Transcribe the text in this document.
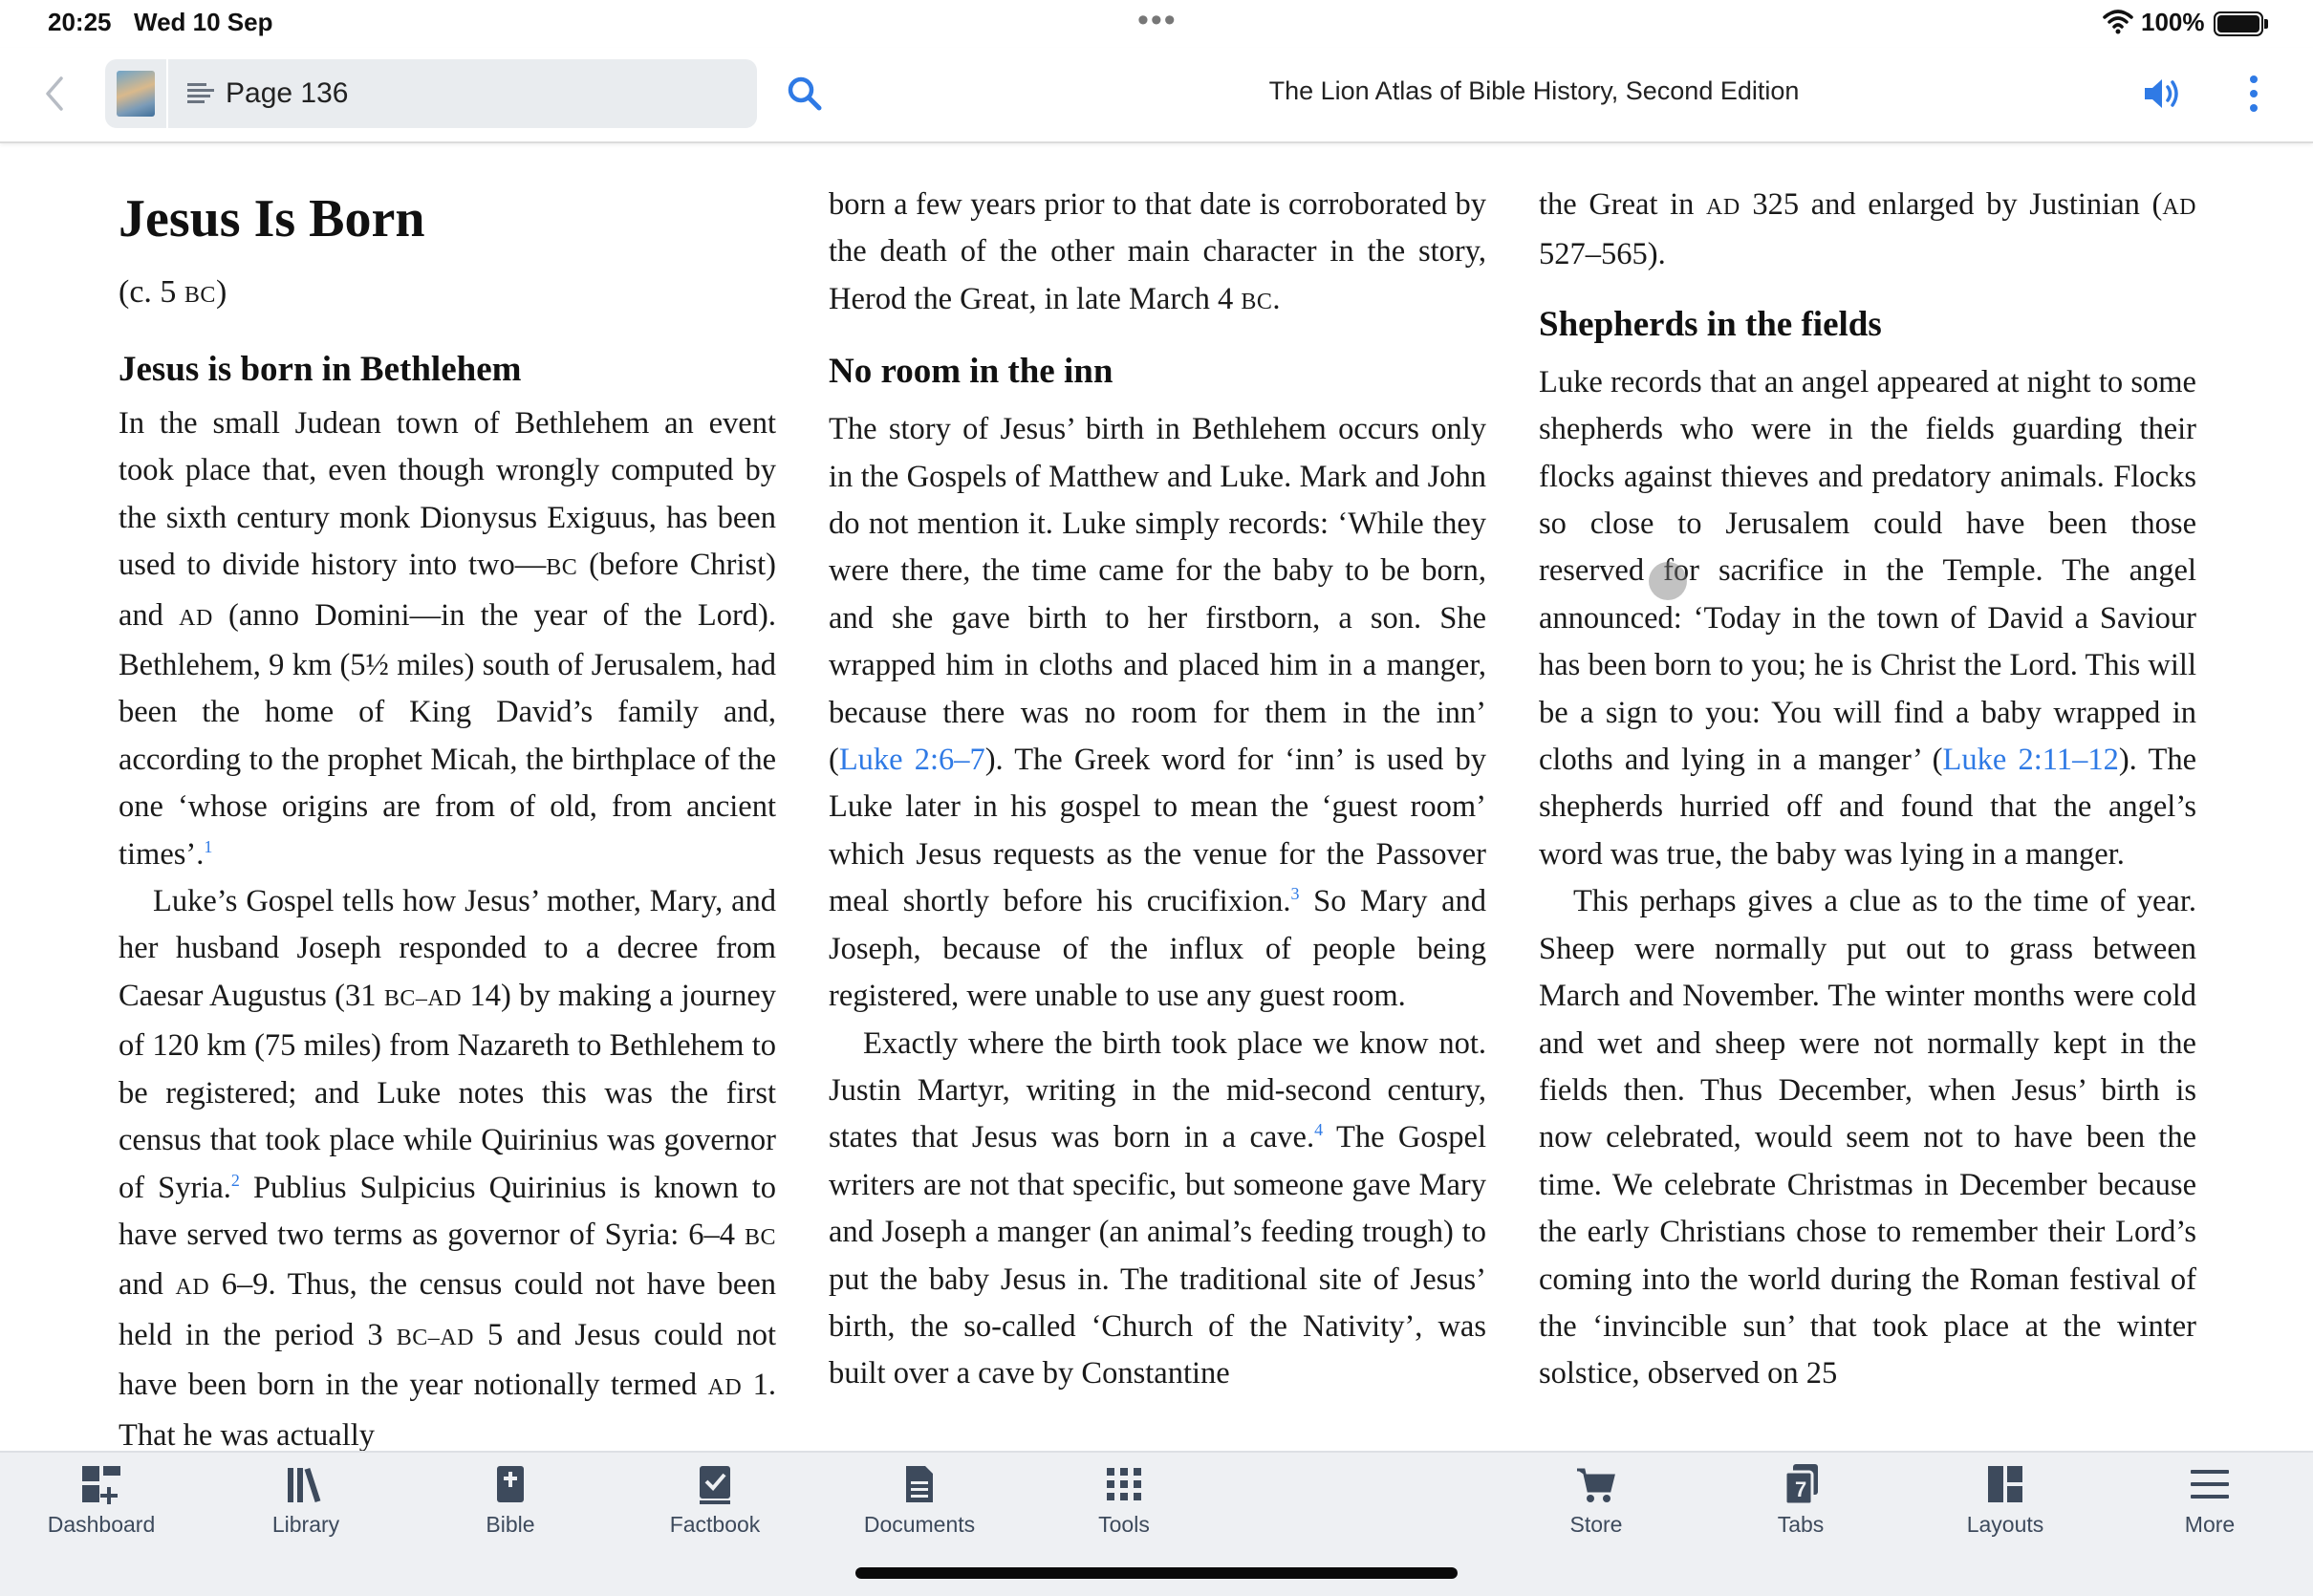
20:25 Wed 10 Sep	•••	100%
Page 136	The Lion Atlas of Bible History, Second Edition
Jesus Is Born
(c. 5 BC)
Jesus is born in Bethlehem

In the small Judean town of Bethlehem an event took place that, even though wrongly computed by the sixth century monk Dionysus Exiguus, has been used to divide history into two—BC (before Christ) and AD (anno Domini—in the year of the Lord). Bethlehem, 9 km (5½ miles) south of Jerusalem, had been the home of King David’s family and, according to the prophet Micah, the birthplace of the one ‘whose origins are from of old, from ancient times’.$^1$

Luke’s Gospel tells how Jesus’ mother, Mary, and her husband Joseph responded to a decree from Caesar Augustus (31 BC–AD 14) by making a journey of 120 km (75 miles) from Nazareth to Bethlehem to be registered; and Luke notes this was the first census that took place while Quirinius was governor of Syria.$^2$ Publius Sulpicius Quirinius is known to have served two terms as governor of Syria: 6–4 BC and AD 6–9. Thus, the census could not have been held in the period 3 BC–AD 5 and Jesus could not have been born in the year notionally termed AD 1. That he was actually

born a few years prior to that date is corroborated by the death of the other main character in the story, Herod the Great, in late March 4 BC.

No room in the inn

The story of Jesus’ birth in Bethlehem occurs only in the Gospels of Matthew and Luke. Mark and John do not mention it. Luke simply records: ‘While they were there, the time came for the baby to be born, and she gave birth to her firstborn, a son. She wrapped him in cloths and placed him in a manger, because there was no room for them in the inn’ (Luke 2:6–7). The Greek word for ‘inn’ is used by Luke later in his gospel to mean the ‘guest room’ which Jesus requests as the venue for the Passover meal shortly before his crucifixion.$^3$ So Mary and Joseph, because of the influx of people being registered, were unable to use any guest room.

Exactly where the birth took place we know not. Justin Martyr, writing in the mid-second century, states that Jesus was born in a cave.$^4$ The Gospel writers are not that specific, but someone gave Mary and Joseph a manger (an animal’s feeding trough) to put the baby Jesus in. The traditional site of Jesus’ birth, the so-called ‘Church of the Nativity’, was built over a cave by Constantine

the Great in AD 325 and enlarged by Justinian (AD 527–565).

Shepherds in the fields

Luke records that an angel appeared at night to some shepherds who were in the fields guarding their flocks against thieves and predatory animals. Flocks so close to Jerusalem could have been those reserved for sacrifice in the Temple. The angel announced: ‘Today in the town of David a Saviour has been born to you; he is Christ the Lord. This will be a sign to you: You will find a baby wrapped in cloths and lying in a manger’ (Luke 2:11–12). The shepherds hurried off and found that the angel’s word was true, the baby was lying in a manger.

This perhaps gives a clue as to the time of year. Sheep were normally put out to grass between March and November. The winter months were cold and wet and sheep were not normally kept in the fields then. Thus December, when Jesus’ birth is now celebrated, would seem not to have been the time. We celebrate Christmas in December because the early Christians chose to remember their Lord’s coming into the world during the Roman festival of the ‘invincible sun’ that took place at the winter solstice, observed on 25

Dashboard	Library	Bible	Factbook	Documents	Tools	Store	Tabs
7
Layouts	More
